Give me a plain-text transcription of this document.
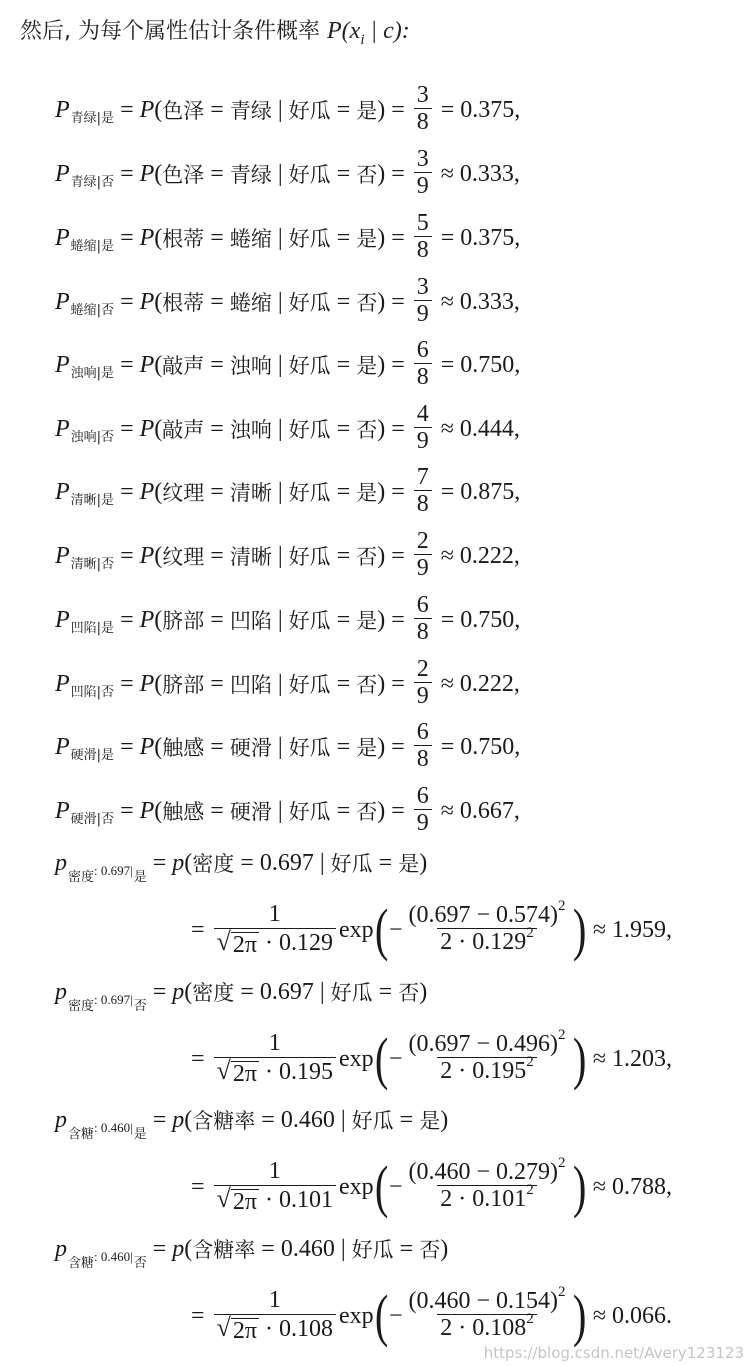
然后, 为每个属性估计条件概率 $P(x_i$ | c):
P 青绿|是 = P ( 色泽 = 青绿 | 好瓜 = 是 ) = $\frac{3}{8} = 0.375$ ,
P 青绿|否 = P ( 色泽 = 青绿 | 好瓜 = 否 ) = $\frac{3}{9} \approx 0.333$ ,
P 蜷缩|是 = P ( 根蒂 = 蜷缩 | 好瓜 = 是 ) = $\frac{5}{8} = 0.375$ ,
P 蜷缩|否 = P ( 根蒂 = 蜷缩 | 好瓜 = 否 ) = $\frac{3}{9} \approx 0.333$ ,
P 浊响|是 = P ( 敲声 = 浊响 | 好瓜 = 是 ) = $\frac{6}{8} = 0.750$ ,
P 浊响|否 = P ( 敲声 = 浊响 | 好瓜 = 否 ) = $\frac{4}{9} \approx 0.444$ ,
P 清晰|是 = P ( 纹理 = 清晰 | 好瓜 = 是 ) = $\frac{7}{8} = 0.875$ ,
P 清晰|否 = P ( 纹理 = 清晰 | 好瓜 = 否 ) = $\frac{2}{9} \approx 0.222$ ,
P 凹陷|是 = P ( 脐部 = 凹陷 | 好瓜 = 是 ) = $\frac{6}{8} = 0.750$ ,
P 凹陷|否 = P ( 脐部 = 凹陷 | 好瓜 = 否 ) = $\frac{2}{9} \approx 0.222$ ,
P 硬滑|是 = P ( 触感 = 硬滑 | 好瓜 = 是 ) = $\frac{6}{8} = 0.750$ ,
P 硬滑|否 = P ( 触感 = 硬滑 | 好瓜 = 否 ) = $\frac{6}{9} \approx 0.667$ ,
p
密度: 0.697|是
= p ( 密度 = 0.697 | 好瓜 = 是 )
= $\frac{1}{√ 2\pi \cdot 0.129}$ exp ( − $\frac{(0.697 - 0.574)^2}{2 \cdot 0.129^2}$ ) ≈ 1.959 ,
p
密度: 0.697|否
= p ( 密度 = 0.697 | 好瓜 = 否 )
= $\frac{1}{√ 2\pi \cdot 0.195}$ exp ( − $\frac{(0.697 - 0.496)^2}{2 \cdot 0.195^2}$ ) ≈ 1.203 ,
p
含糖: 0.460|是
= p ( 含糖率 = 0.460 | 好瓜 = 是 )
= $\frac{1}{√ 2\pi \cdot 0.101}$ exp ( − $\frac{(0.460 - 0.279)^2}{2 \cdot 0.101^2}$ ) ≈ 0.788 ,
p
含糖: 0.460|否
= p ( 含糖率 = 0.460 | 好瓜 = 否 )
= $\frac{1}{√ 2\pi \cdot 0.108}$ exp ( − $\frac{(0.460 - 0.154)^2}{2 \cdot 0.108^2}$ ) ≈ 0.066 .
https://blog.csdn.net/Avery123123
